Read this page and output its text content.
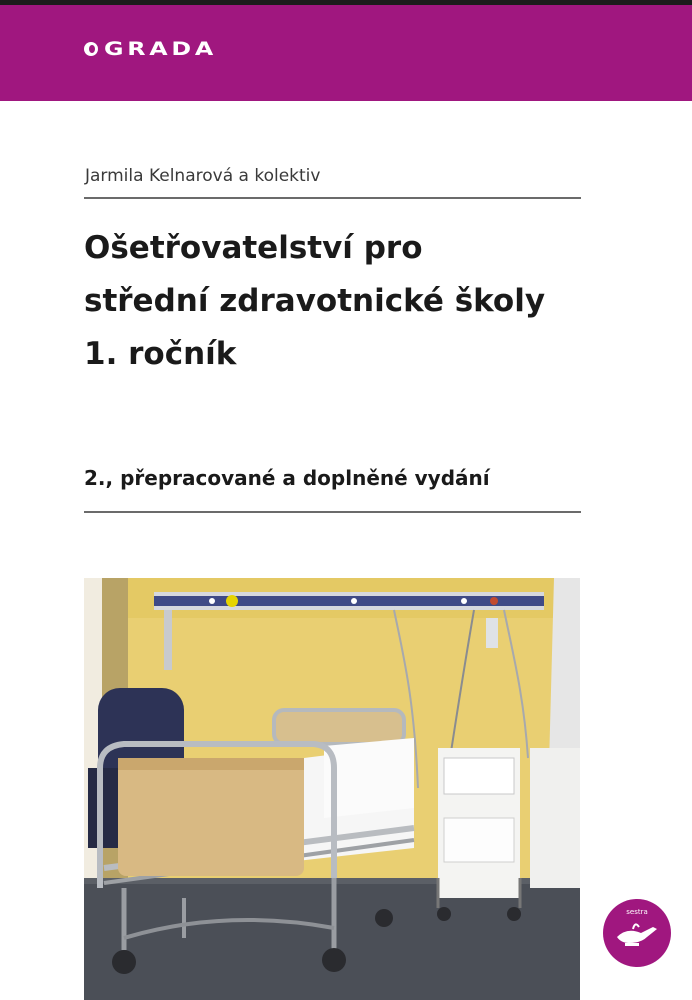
GRADA
Jarmila Kelnarová a kolektiv
Ošetřovatelství pro
střední zdravotnické školy
1. ročník
2., přepracované a doplněné vydání
sestra
